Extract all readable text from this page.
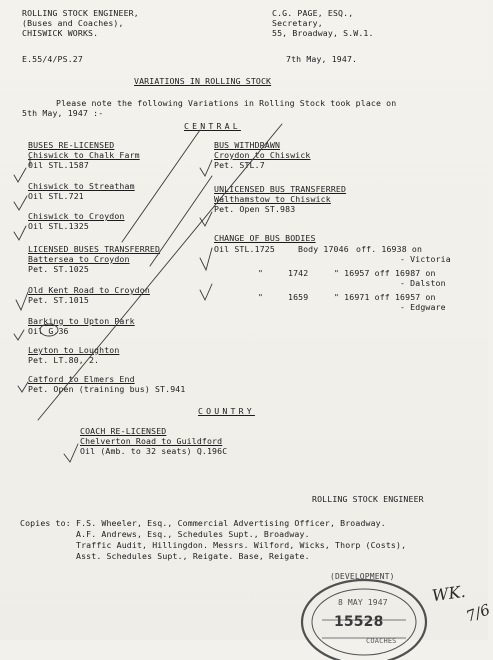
ROLLING STOCK ENGINEER,
(Buses and Coaches),
CHISWICK WORKS.
C.G. PAGE, ESQ.,
Secretary,
55, Broadway, S.W.1.
E.55/4/PS.27	7th May, 1947.
VARIATIONS IN ROLLING STOCK
Please note the following Variations in Rolling Stock took place on
5th May, 1947 :-
CENTRAL
BUSES RE-LICENSED
Chiswick to Chalk Farm
Oil STL.1587
Chiswick to Streatham
Oil STL.721
Chiswick to Croydon
Oil STL.1325
LICENSED BUSES TRANSFERRED
Battersea to Croydon
Pet. ST.1025
Old Kent Road to Croydon
Pet. ST.1015
Barking to Upton Park
Oil G.36
Leyton to Loughton
Pet. LT.80, 2.
Catford to Elmers End
Pet. Open (training bus) ST.941
BUS WITHDRAWN
Croydon to Chiswick
Pet. STL.7
UNLICENSED BUS TRANSFERRED
Walthamstow to Chiswick
Pet. Open ST.983
CHANGE OF BUS BODIES
Oil STL.1725	Body 17046 off. 16938 on
- Victoria
"	1742	" 16957 off 16987 on
- Dalston
"	1659	" 16971 off 16957 on
- Edgware
COUNTRY
COACH RE-LICENSED
Chelverton Road to Guildford
Oil (Amb. to 32 seats) Q.196C
ROLLING STOCK ENGINEER
Copies to: F.S. Wheeler, Esq., Commercial Advertising Officer, Broadway.
A.F. Andrews, Esq., Schedules Supt., Broadway.
Traffic Audit, Hillingdon. Messrs. Wilford, Wicks, Thorp (Costs),
Asst. Schedules Supt., Reigate. Base, Reigate.
(DEVELOPMENT)
8 MAY 1947
15528
COACHES
WK.
7/6
